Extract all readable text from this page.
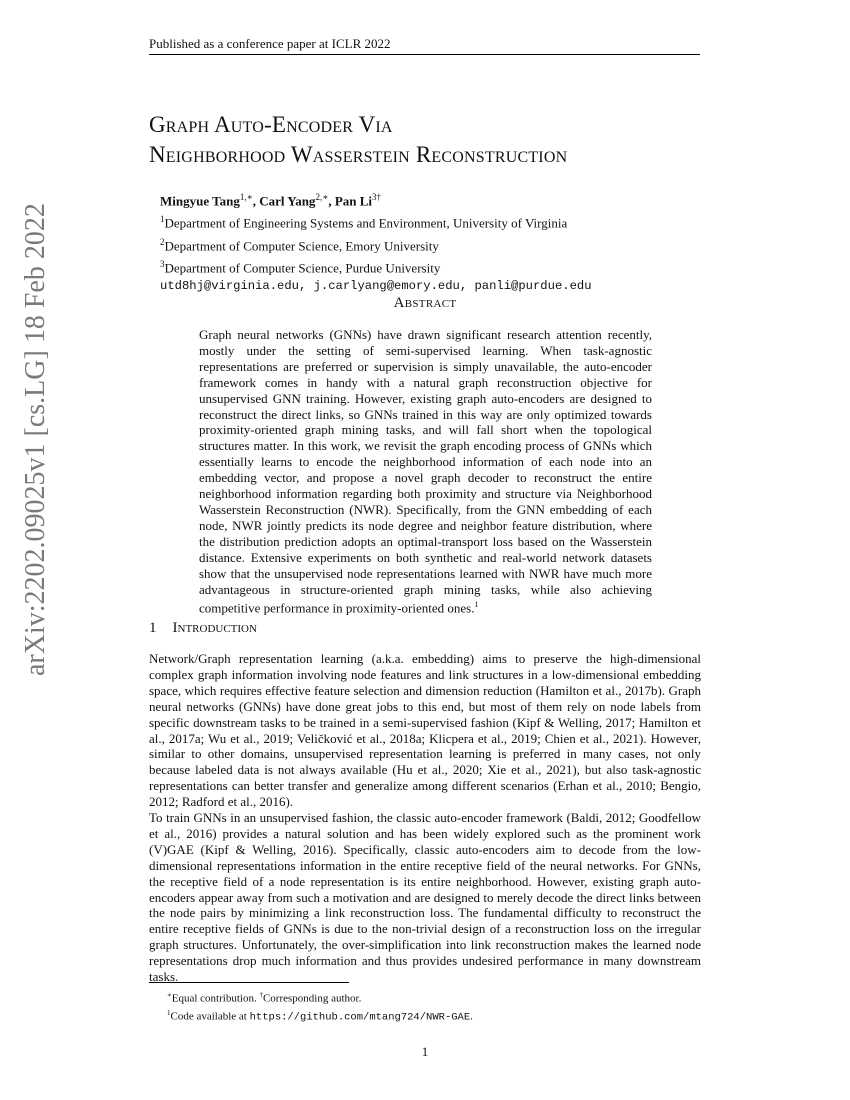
Published as a conference paper at ICLR 2022
arXiv:2202.09025v1 [cs.LG] 18 Feb 2022
Graph Auto-Encoder Via
Neighborhood Wasserstein Reconstruction
Mingyue Tang$^{1,∗}$, Carl Yang$^{2,∗}$, Pan $Li^{3\dagger}$
$^1$Department of Engineering Systems and Environment, University of Virginia
$^2$Department of Computer Science, Emory University
$^3$Department of Computer Science, Purdue University
utd8hj@virginia.edu, j.carlyang@emory.edu, panli@purdue.edu
Abstract
Graph neural networks (GNNs) have drawn significant research attention recently, mostly under the setting of semi-supervised learning. When task-agnostic representations are preferred or supervision is simply unavailable, the auto-encoder framework comes in handy with a natural graph reconstruction objective for unsupervised GNN training. However, existing graph auto-encoders are designed to reconstruct the direct links, so GNNs trained in this way are only optimized towards proximity-oriented graph mining tasks, and will fall short when the topological structures matter. In this work, we revisit the graph encoding process of GNNs which essentially learns to encode the neighborhood information of each node into an embedding vector, and propose a novel graph decoder to reconstruct the entire neighborhood information regarding both proximity and structure via Neighborhood Wasserstein Reconstruction (NWR). Specifically, from the GNN embedding of each node, NWR jointly predicts its node degree and neighbor feature distribution, where the distribution prediction adopts an optimal-transport loss based on the Wasserstein distance. Extensive experiments on both synthetic and real-world network datasets show that the unsupervised node representations learned with NWR have much more advantageous in structure-oriented graph mining tasks, while also achieving competitive performance in proximity-oriented ones.$^1$
1 Introduction
Network/Graph representation learning (a.k.a. embedding) aims to preserve the high-dimensional complex graph information involving node features and link structures in a low-dimensional embedding space, which requires effective feature selection and dimension reduction (Hamilton et al., 2017b). Graph neural networks (GNNs) have done great jobs to this end, but most of them rely on node labels from specific downstream tasks to be trained in a semi-supervised fashion (Kipf & Welling, 2017; Hamilton et al., 2017a; Wu et al., 2019; Veličković et al., 2018a; Klicpera et al., 2019; Chien et al., 2021). However, similar to other domains, unsupervised representation learning is preferred in many cases, not only because labeled data is not always available (Hu et al., 2020; Xie et al., 2021), but also task-agnostic representations can better transfer and generalize among different scenarios (Erhan et al., 2010; Bengio, 2012; Radford et al., 2016).
To train GNNs in an unsupervised fashion, the classic auto-encoder framework (Baldi, 2012; Goodfellow et al., 2016) provides a natural solution and has been widely explored such as the prominent work (V)GAE (Kipf & Welling, 2016). Specifically, classic auto-encoders aim to decode from the low-dimensional representations information in the entire receptive field of the neural networks. For GNNs, the receptive field of a node representation is its entire neighborhood. However, existing graph auto-encoders appear away from such a motivation and are designed to merely decode the direct links between the node pairs by minimizing a link reconstruction loss. The fundamental difficulty to reconstruct the entire receptive fields of GNNs is due to the non-trivial design of a reconstruction loss on the irregular graph structures. Unfortunately, the over-simplification into link reconstruction makes the learned node representations drop much information and thus provides undesired performance in many downstream tasks.
∗Equal contribution. †Corresponding author.
$^1$Code available at https://github.com/mtang724/NWR-GAE.
1
